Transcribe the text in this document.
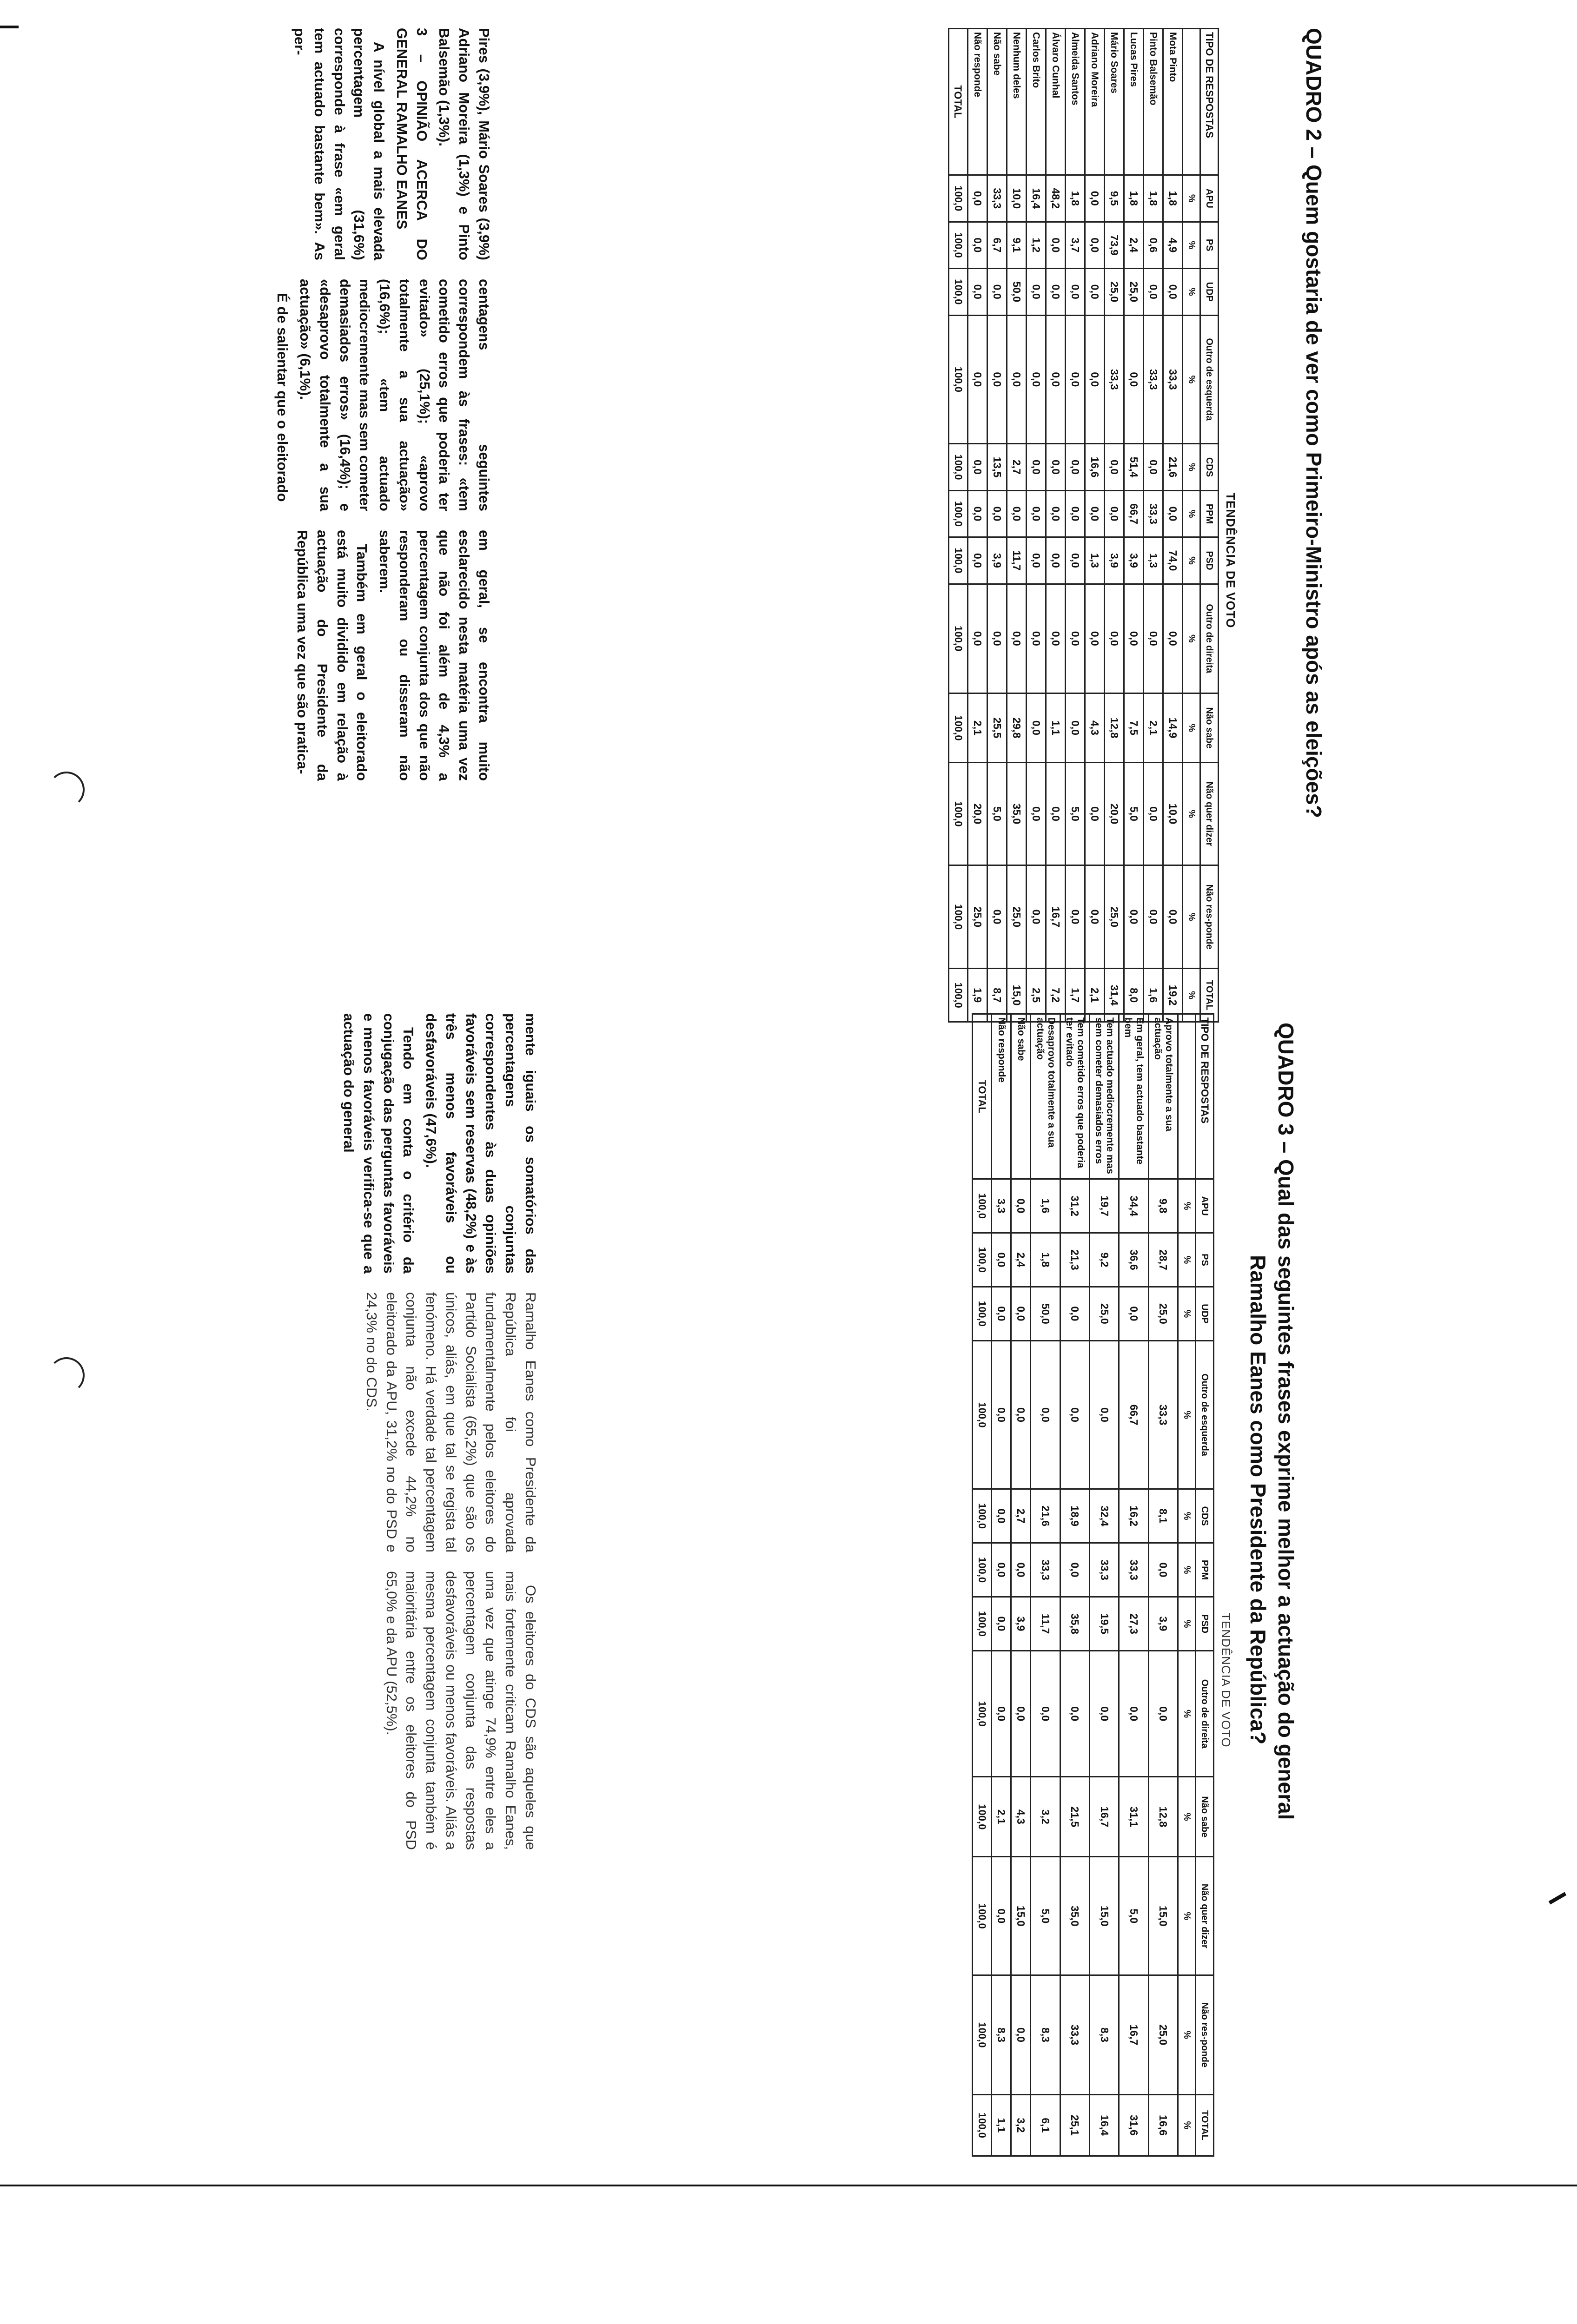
QUADRO 2 – Quem gostaria de ver como Primeiro-Ministro após as eleições?
TENDÊNCIA DE VOTO
TIPO DE RESPOSTAS	APU	PS	UDP	Outro de esquerda	CDS	PPM	PSD	Outro de direita	Não sabe	Não quer dizer	Não res-ponde	TOTAL
	%	%	%	%	%	%	%	%	%	%	%	%
Mota Pinto	1,8	4,9	0,0	33,3	21,6	0,0	74,0	0,0	14,9	10,0	0,0	19,2
Pinto Balsemão	1,8	0,6	0,0	33,3	0,0	33,3	1,3	0,0	2,1	0,0	0,0	1,6
Lucas Pires	1,8	2,4	25,0	0,0	51,4	66,7	3,9	0,0	7,5	5,0	0,0	8,0
Mário Soares	9,5	73,9	25,0	33,3	0,0	0,0	3,9	0,0	12,8	20,0	25,0	31,4
Adriano Moreira	0,0	0,0	0,0	0,0	16,6	0,0	1,3	0,0	4,3	0,0	0,0	2,1
Almeida Santos	1,8	3,7	0,0	0,0	0,0	0,0	0,0	0,0	0,0	5,0	0,0	1,7
Álvaro Cunhal	48,2	0,0	0,0	0,0	0,0	0,0	0,0	0,0	1,1	0,0	16,7	7,2
Carlos Brito	16,4	1,2	0,0	0,0	0,0	0,0	0,0	0,0	0,0	0,0	0,0	2,5
Nenhum deles	10,0	9,1	50,0	0,0	2,7	0,0	11,7	0,0	29,8	35,0	25,0	15,0
Não sabe	33,3	6,7	0,0	0,0	13,5	0,0	3,9	0,0	25,5	5,0	0,0	8,7
Não responde	0,0	0,0	0,0	0,0	0,0	0,0	0,0	0,0	2,1	20,0	25,0	1,9
TOTAL	100,0	100,0	100,0	100,0	100,0	100,0	100,0	100,0	100,0	100,0	100,0	100,0

Pires (3,9%), Mário Soares (3,9%) Adriano Moreira (1,3%) e Pinto Balsemão (1,3%).

3 – OPINIÃO ACERCA DO GENERAL RAMALHO EANES

A nível global a mais elevada percentagem (31,6%) corresponde à frase «em geral tem actuado bastante bem». As per-

centagens seguintes correspondem às frases: «tem cometido erros que poderia ter evitado» (25,1%); «aprovo totalmente a sua actuação» (16,6%); «tem actuado mediocremente mas sem cometer demasiados erros» (16,4%); e «desaprovo totalmente a sua actuação» (6,1%).

É de salientar que o eleitorado

em geral, se encontra muito esclarecido nesta matéria uma vez que não foi além de 4,3% a percentagem conjunta dos que não responderam ou disseram não saberem.

Também em geral o eleitorado está muito dividido em relação à actuação do Presidente da República uma vez que são pratica-

QUADRO 3 – Qual das seguintes frases exprime melhor a actuação do general
Ramalho Eanes como Presidente da República?
TENDÊNCIA DE VOTO
TIPO DE RESPOSTAS	APU	PS	UDP	Outro de esquerda	CDS	PPM	PSD	Outro de direita	Não sabe	Não quer dizer	Não res-ponde	TOTAL
	%	%	%	%	%	%	%	%	%	%	%	%
Aprovo totalmente a sua actuação	9,8	28,7	25,0	33,3	8,1	0,0	3,9	0,0	12,8	15,0	25,0	16,6
Em geral, tem actuado bastante bem	34,4	36,6	0,0	66,7	16,2	33,3	27,3	0,0	31,1	5,0	16,7	31,6
Tem actuado mediocremente mas sem cometer demasiados erros	19,7	9,2	25,0	0,0	32,4	33,3	19,5	0,0	16,7	15,0	8,3	16,4
Tem cometido erros que poderia ter evitado	31,2	21,3	0,0	0,0	18,9	0,0	35,8	0,0	21,5	35,0	33,3	25,1
Desaprovo totalmente a sua actuação	1,6	1,8	50,0	0,0	21,6	33,3	11,7	0,0	3,2	5,0	8,3	6,1
Não sabe	0,0	2,4	0,0	0,0	2,7	0,0	3,9	0,0	4,3	15,0	0,0	3,2
Não responde	3,3	0,0	0,0	0,0	0,0	0,0	0,0	0,0	2,1	0,0	8,3	1,1
TOTAL	100,0	100,0	100,0	100,0	100,0	100,0	100,0	100,0	100,0	100,0	100,0	100,0

mente iguais os somatórios das percentagens conjuntas correspondentes às duas opiniões favoráveis sem reservas (48,2%) e às três menos favoráveis ou desfavoráveis (47,6%).

Tendo em conta o critério da conjugação das perguntas favoráveis e menos favoráveis verifica-se que a actuação do general

Ramalho Eanes como Presidente da República foi aprovada fundamentalmente pelos eleitores do Partido Socialista (65,2%) que são os únicos, aliás, em que tal se regista tal fenómeno. Há verdade tal percentagem conjunta não excede 44,2% no eleitorado da APU, 31,2% no do PSD e 24,3% no do CDS.

Os eleitores do CDS são aqueles que mais fortemente criticam Ramalho Eanes, uma vez que atinge 74,9% entre eles a percentagem conjunta das respostas desfavoráveis ou menos favoráveis. Aliás a mesma percentagem conjunta também é maioritária entre os eleitores do PSD 65,0% e da APU (52,5%).
